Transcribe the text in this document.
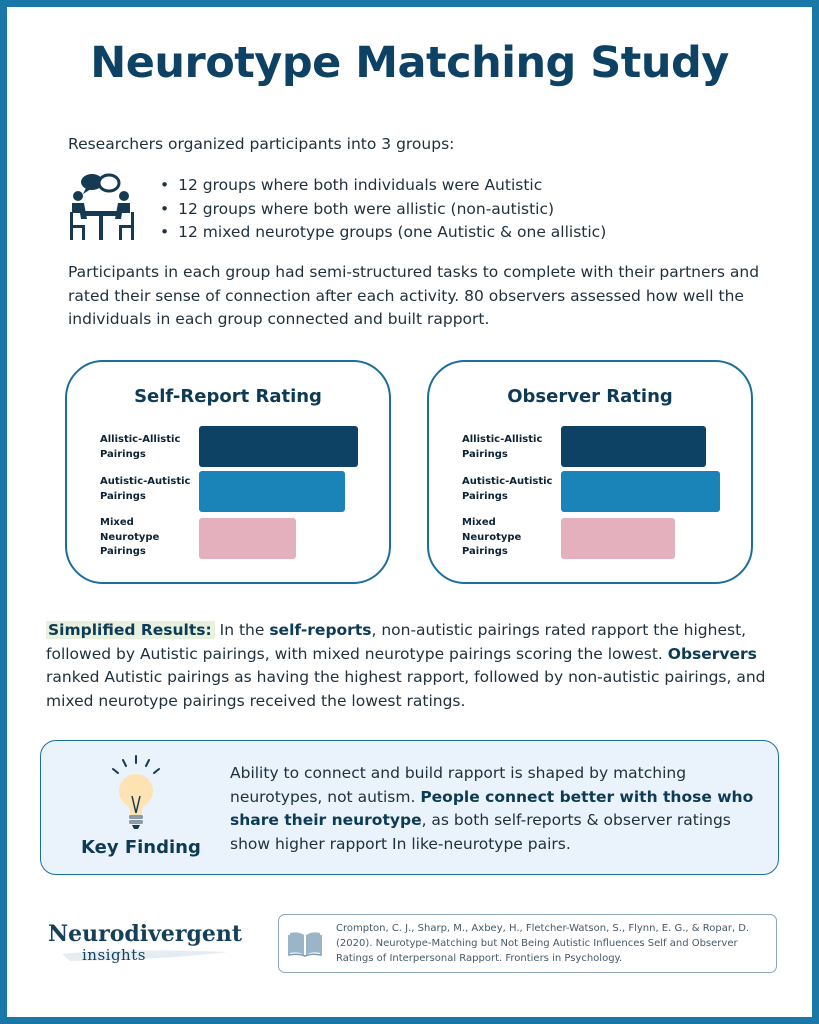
Neurotype Matching Study

Researchers organized participants into 3 groups:

• 12 groups where both individuals were Autistic
• 12 groups where both were allistic (non-autistic)
• 12 mixed neurotype groups (one Autistic & one allistic)

Participants in each group had semi-structured tasks to complete with their partners and rated their sense of connection after each activity. 80 observers assessed how well the individuals in each group connected and built rapport.

Self-Report Rating
Allistic-Allistic Pairings
Autistic-Autistic Pairings
Mixed Neurotype Pairings
Observer Rating
Allistic-Allistic Pairings
Autistic-Autistic Pairings
Mixed Neurotype Pairings

Simplified Results: In the self-reports, non-autistic pairings rated rapport the highest, followed by Autistic pairings, with mixed neurotype pairings scoring the lowest. Observers ranked Autistic pairings as having the highest rapport, followed by non-autistic pairings, and mixed neurotype pairings received the lowest ratings.

Key Finding

Ability to connect and build rapport is shaped by matching neurotypes, not autism. People connect better with those who share their neurotype, as both self-reports & observer ratings show higher rapport In like-neurotype pairs.

Neurodivergent
insights

Crompton, C. J., Sharp, M., Axbey, H., Fletcher-Watson, S., Flynn, E. G., & Ropar, D. (2020). Neurotype-Matching but Not Being Autistic Influences Self and Observer Ratings of Interpersonal Rapport. Frontiers in Psychology.
